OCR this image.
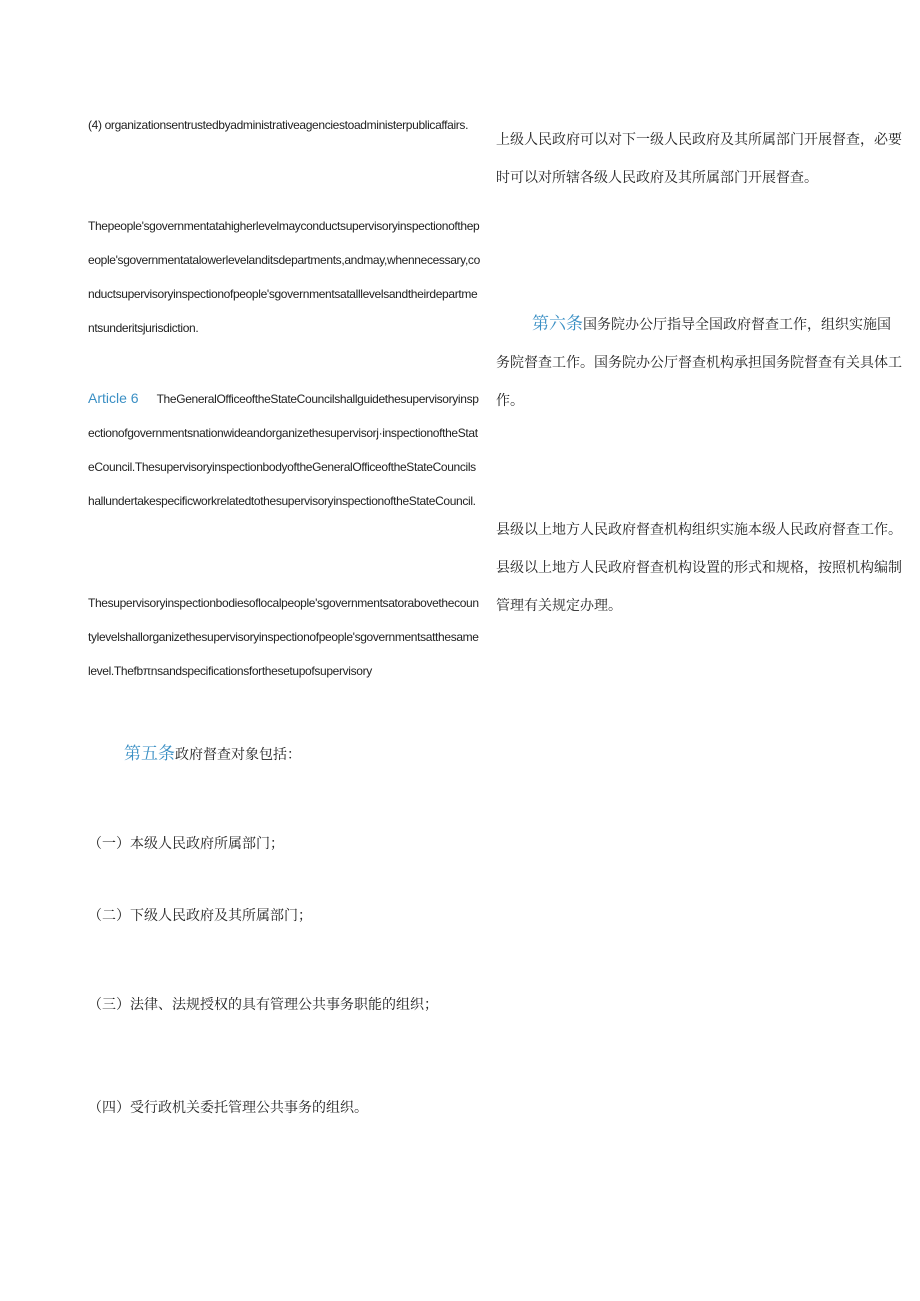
(4) organizationsentrustedbyadministrativeagenciestoadministerpublicaffairs.
Thepeople'sgovernmentatahigherlevelmayconductsupervisoryinspectionofthepeople'sgovernmentatalowerlevelanditsdepartments,andmay,whennecessary,conductsupervisoryinspectionofpeople'sgovernmentsatalllevelsandtheirdepartmentsunderitsjurisdiction.
Article 6 TheGeneralOfficeoftheStateCouncilshallguidethesupervisoryinspectionofgovernmentsnationwideandorganizethesupervisorj·inspectionoftheStateCouncil.ThesupervisoryinspectionbodyoftheGeneralOfficeoftheStateCouncilshallundertakespecificworkrelatedtothesupervisoryinspectionoftheStateCouncil.
Thesupervisoryinspectionbodiesoflocalpeople'sgovernmentsatorabovethecountylevelshallorganizethesupervisoryinspectionofpeople'sgovernmentsatthesamelevel.Thefbπnsandspecificationsforthesetupofsupervisory
第五条政府督查对象包括：
（一）本级人民政府所属部门；
（二）下级人民政府及其所属部门；
（三）法律、法规授权的具有管理公共事务职能的组织；
（四）受行政机关委托管理公共事务的组织。
上级人民政府可以对下一级人民政府及其所属部门开展督查，必要时可以对所辖各级人民政府及其所属部门开展督查。
第六条国务院办公厅指导全国政府督查工作，组织实施国务院督查工作。国务院办公厅督查机构承担国务院督查有关具体工作。
县级以上地方人民政府督查机构组织实施本级人民政府督查工作。县级以上地方人民政府督查机构设置的形式和规格，按照机构编制管理有关规定办理。
